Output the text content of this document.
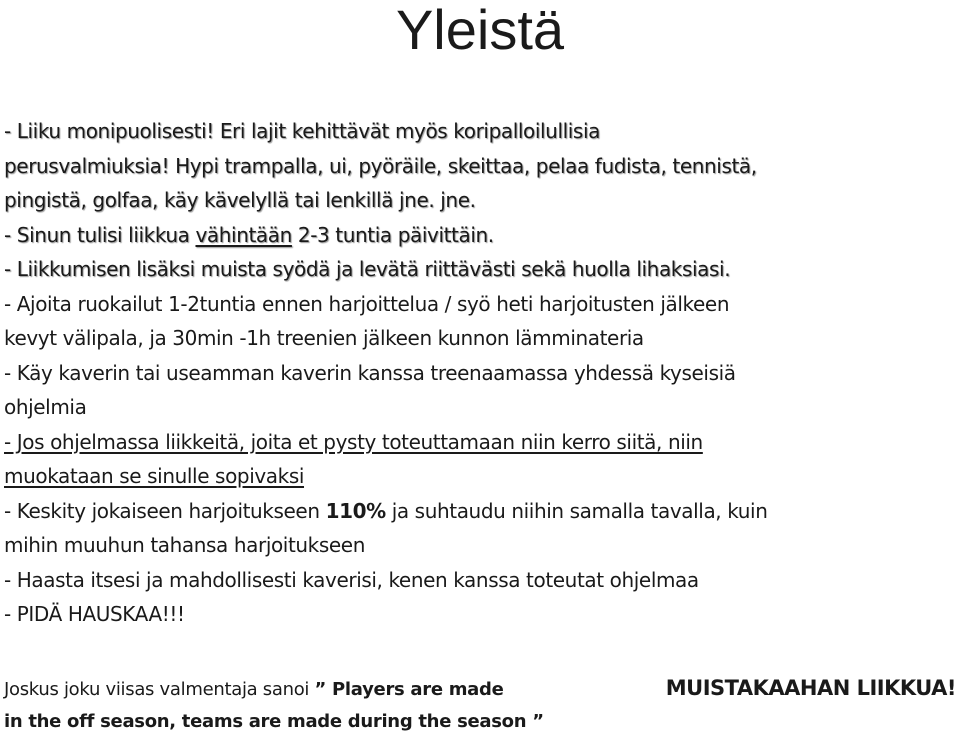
Yleistä
- Liiku monipuolisesti! Eri lajit kehittävät myös koripalloilullisia
perusvalmiuksia! Hypi trampalla, ui, pyöräile, skeittaa, pelaa fudista, tennistä,
pingistä, golfaa, käy kävelyllä tai lenkillä jne. jne.
- Sinun tulisi liikkua vähintään 2-3 tuntia päivittäin.
- Liikkumisen lisäksi muista syödä ja levätä riittävästi sekä huolla lihaksiasi.
- Ajoita ruokailut 1-2tuntia ennen harjoittelua / syö heti harjoitusten jälkeen
kevyt välipala, ja 30min -1h treenien jälkeen kunnon lämminateria
- Käy kaverin tai useamman kaverin kanssa treenaamassa yhdessä kyseisiä
ohjelmia
- Jos ohjelmassa liikkeitä, joita et pysty toteuttamaan niin kerro siitä, niin
muokataan se sinulle sopivaksi
- Keskity jokaiseen harjoitukseen 110% ja suhtaudu niihin samalla tavalla, kuin
mihin muuhun tahansa harjoitukseen
- Haasta itsesi ja mahdollisesti kaverisi, kenen kanssa toteutat ohjelmaa
- PIDÄ HAUSKAA!!!
Joskus joku viisas valmentaja sanoi ” Players are made
in the off season, teams are made during the season ”
MUISTAKAAHAN LIIKKUA!
